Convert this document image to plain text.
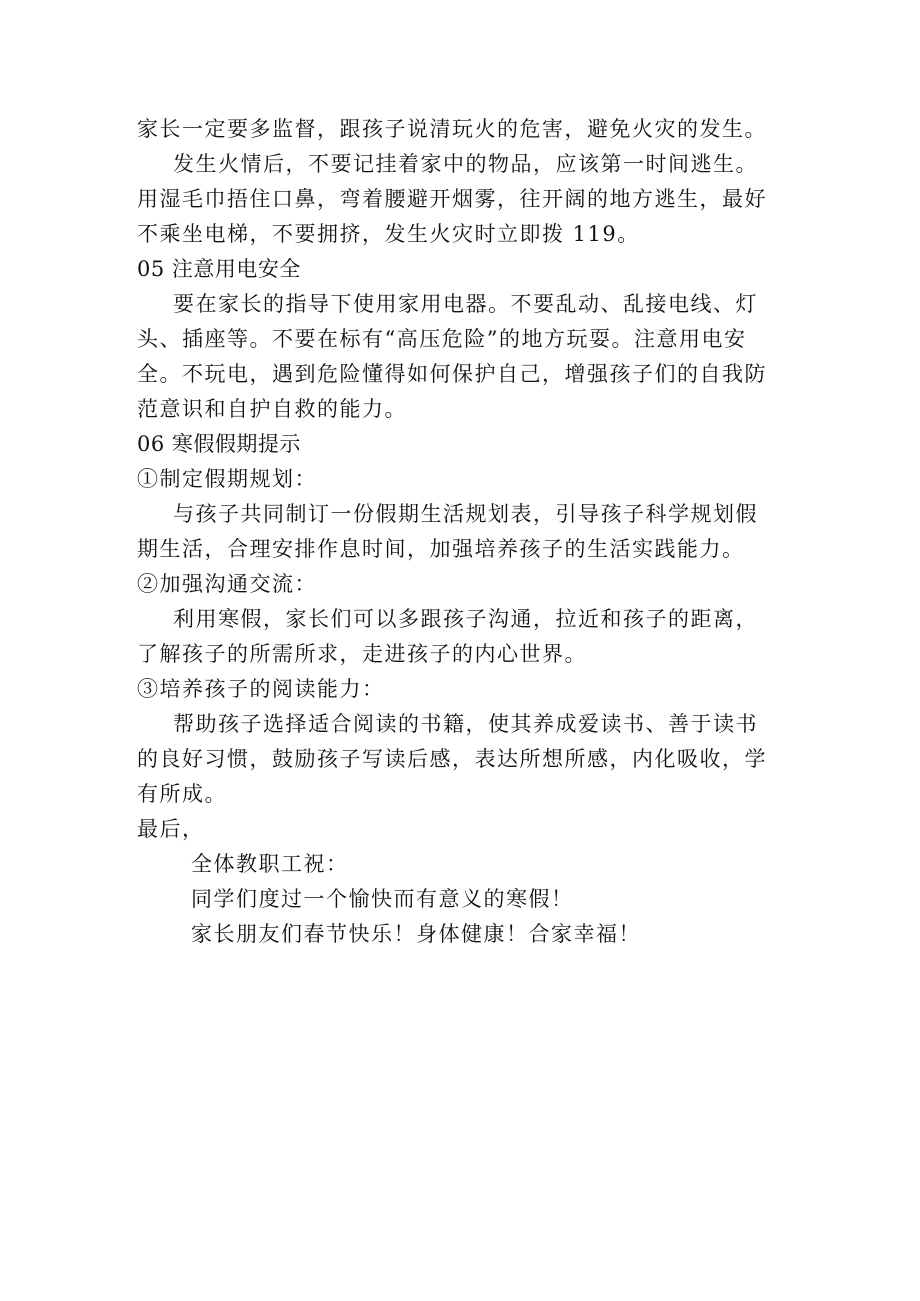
家长一定要多监督，跟孩子说清玩火的危害，避免火灾的发生。
发生火情后，不要记挂着家中的物品，应该第一时间逃生。
用湿毛巾捂住口鼻，弯着腰避开烟雾，往开阔的地方逃生，最好
不乘坐电梯，不要拥挤，发生火灾时立即拨 119。
05 注意用电安全
要在家长的指导下使用家用电器。不要乱动、乱接电线、灯
头、插座等。不要在标有“高压危险”的地方玩耍。注意用电安
全。不玩电，遇到危险懂得如何保护自己，增强孩子们的自我防
范意识和自护自救的能力。
06 寒假假期提示
①制定假期规划：
与孩子共同制订一份假期生活规划表，引导孩子科学规划假
期生活，合理安排作息时间，加强培养孩子的生活实践能力。
②加强沟通交流：
利用寒假，家长们可以多跟孩子沟通，拉近和孩子的距离，
了解孩子的所需所求，走进孩子的内心世界。
③培养孩子的阅读能力：
帮助孩子选择适合阅读的书籍，使其养成爱读书、善于读书
的良好习惯，鼓励孩子写读后感，表达所想所感，内化吸收，学
有所成。
最后，
全体教职工祝：
同学们度过一个愉快而有意义的寒假！
家长朋友们春节快乐！身体健康！合家幸福！
